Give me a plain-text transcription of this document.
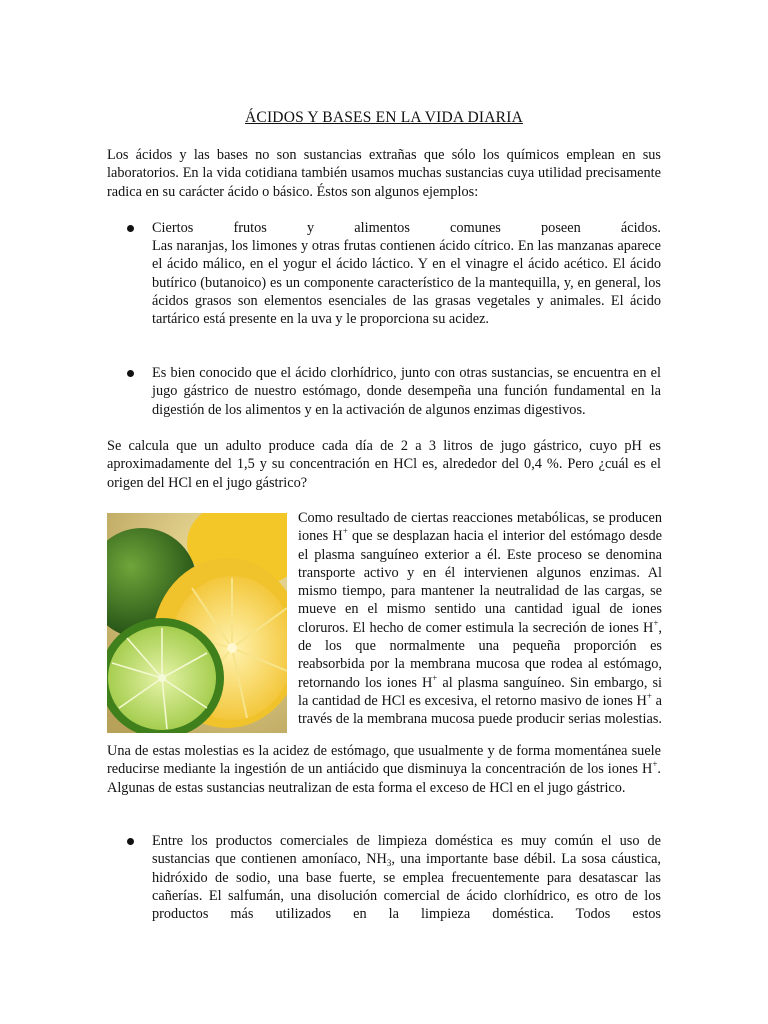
ÁCIDOS Y BASES EN LA VIDA DIARIA

Los ácidos y las bases no son sustancias extrañas que sólo los químicos emplean en sus laboratorios. En la vida cotidiana también usamos muchas sustancias cuya utilidad precisamente radica en su carácter ácido o básico. Éstos son algunos ejemplos:

Ciertos frutos y alimentos comunes poseen ácidos.

Las naranjas, los limones y otras frutas contienen ácido cítrico. En las manzanas aparece el ácido málico, en el yogur el ácido láctico. Y en el vinagre el ácido acético. El ácido butírico (butanoico) es un componente característico de la mantequilla, y, en general, los ácidos grasos son elementos esenciales de las grasas vegetales y animales. El ácido tartárico está presente en la uva y le proporciona su acidez.

Es bien conocido que el ácido clorhídrico, junto con otras sustancias, se encuentra en el jugo gástrico de nuestro estómago, donde desempeña una función fundamental en la digestión de los alimentos y en la activación de algunos enzimas digestivos.

Se calcula que un adulto produce cada día de 2 a 3 litros de jugo gástrico, cuyo pH es aproximadamente del 1,5 y su concentración en HCl es, alrededor del 0,4 %. Pero ¿cuál es el origen del HCl en el jugo gástrico?

Como resultado de ciertas reacciones metabólicas, se producen iones H+ que se desplazan hacia el interior del estómago desde el plasma sanguíneo exterior a él. Este proceso se denomina transporte activo y en él intervienen algunos enzimas. Al mismo tiempo, para mantener la neutralidad de las cargas, se mueve en el mismo sentido una cantidad igual de iones cloruros. El hecho de comer estimula la secreción de iones H+, de los que normalmente una pequeña proporción es reabsorbida por la membrana mucosa que rodea al estómago, retornando los iones H+ al plasma sanguíneo. Sin embargo, si la cantidad de HCl es excesiva, el retorno masivo de iones H+ a través de la membrana mucosa puede producir serias molestias.

Una de estas molestias es la acidez de estómago, que usualmente y de forma momentánea suele reducirse mediante la ingestión de un antiácido que disminuya la concentración de los iones H+. Algunas de estas sustancias neutralizan de esta forma el exceso de HCl en el jugo gástrico.

Entre los productos comerciales de limpieza doméstica es muy común el uso de sustancias que contienen amoníaco, $NH_3$, una importante base débil. La sosa cáustica, hidróxido de sodio, una base fuerte, se emplea frecuentemente para desatascar las cañerías. El salfumán, una disolución comercial de ácido clorhídrico, es otro de los productos más utilizados en la limpieza doméstica. Todos estos
